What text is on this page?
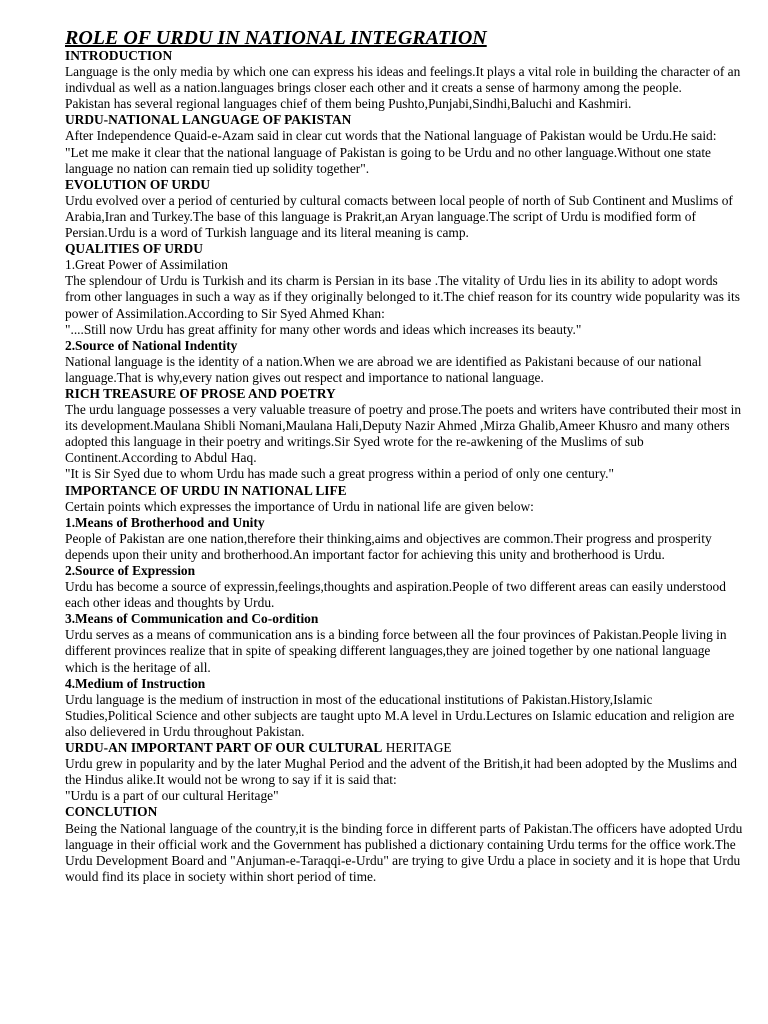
ROLE OF URDU IN NATIONAL INTEGRATION
INTRODUCTION
Language is the only media by which one can express his ideas and feelings.It plays a vital role in building the character of an indivdual as well as a nation.languages brings closer each other and it creats a sense of harmony among the people.
Pakistan has several regional languages chief of them being Pushto,Punjabi,Sindhi,Baluchi and Kashmiri.
URDU-NATIONAL LANGUAGE OF PAKISTAN
After Independence Quaid-e-Azam said in clear cut words that the National language of Pakistan would be Urdu.He said:
"Let me make it clear that the national language of Pakistan is going to be Urdu and no other language.Without one state language no nation can remain tied up solidity together".
EVOLUTION OF URDU
Urdu evolved over a period of centuried by cultural comacts between local people of north of Sub Continent and Muslims of Arabia,Iran and Turkey.The base of this language is Prakrit,an Aryan language.The script of Urdu is modified form of Persian.Urdu is a word of Turkish language and its literal meaning is camp.
QUALITIES OF URDU
1.Great Power of Assimilation
The splendour of Urdu is Turkish and its charm is Persian in its base .The vitality of Urdu lies in its ability to adopt words from other languages in such a way as if they originally belonged to it.The chief reason for its country wide popularity was its power of Assimilation.According to Sir Syed Ahmed Khan:
"....Still now Urdu has great affinity for many other words and ideas which increases its beauty."
2.Source of National Indentity
National language is the identity of a nation.When we are abroad we are identified as Pakistani because of our national language.That is why,every nation gives out respect and importance to national language.
RICH TREASURE OF PROSE AND POETRY
The urdu language possesses a very valuable treasure of poetry and prose.The poets and writers have contributed their most in its development.Maulana Shibli Nomani,Maulana Hali,Deputy Nazir Ahmed ,Mirza Ghalib,Ameer Khusro and many others adopted this language in their poetry and writings.Sir Syed wrote for the re-awkening of the Muslims of sub Continent.According to Abdul Haq.
"It is Sir Syed due to whom Urdu has made such a great progress within a period of only one century."
IMPORTANCE OF URDU IN NATIONAL LIFE
Certain points which expresses the importance of Urdu in national life are given below:
1.Means of Brotherhood and Unity
People of Pakistan are one nation,therefore their thinking,aims and objectives are common.Their progress and prosperity depends upon their unity and brotherhood.An important factor for achieving this unity and brotherhood is Urdu.
2.Source of Expression
Urdu has become a source of expressin,feelings,thoughts and aspiration.People of two different areas can easily understood each other ideas and thoughts by Urdu.
3.Means of Communication and Co-ordition
Urdu serves as a means of communication ans is a binding force between all the four provinces of Pakistan.People living in different provinces realize that in spite of speaking different languages,they are joined together by one national language which is the heritage of all.
4.Medium of Instruction
Urdu language is the medium of instruction in most of the educational institutions of Pakistan.History,Islamic Studies,Political Science and other subjects are taught upto M.A level in Urdu.Lectures on Islamic education and religion are also delievered in Urdu throughout Pakistan.
URDU-AN IMPORTANT PART OF OUR CULTURAL HERITAGE
Urdu grew in popularity and by the later Mughal Period and the advent of the British,it had been adopted by the Muslims and the Hindus alike.It would not be wrong to say if it is said that:
"Urdu is a part of our cultural Heritage"
CONCLUTION
Being the National language of the country,it is the binding force in different parts of Pakistan.The officers have adopted Urdu language in their official work and the Government has published a dictionary containing Urdu terms for the office work.The Urdu Development Board and "Anjuman-e-Taraqqi-e-Urdu" are trying to give Urdu a place in society and it is hope that Urdu would find its place in society within short period of time.
